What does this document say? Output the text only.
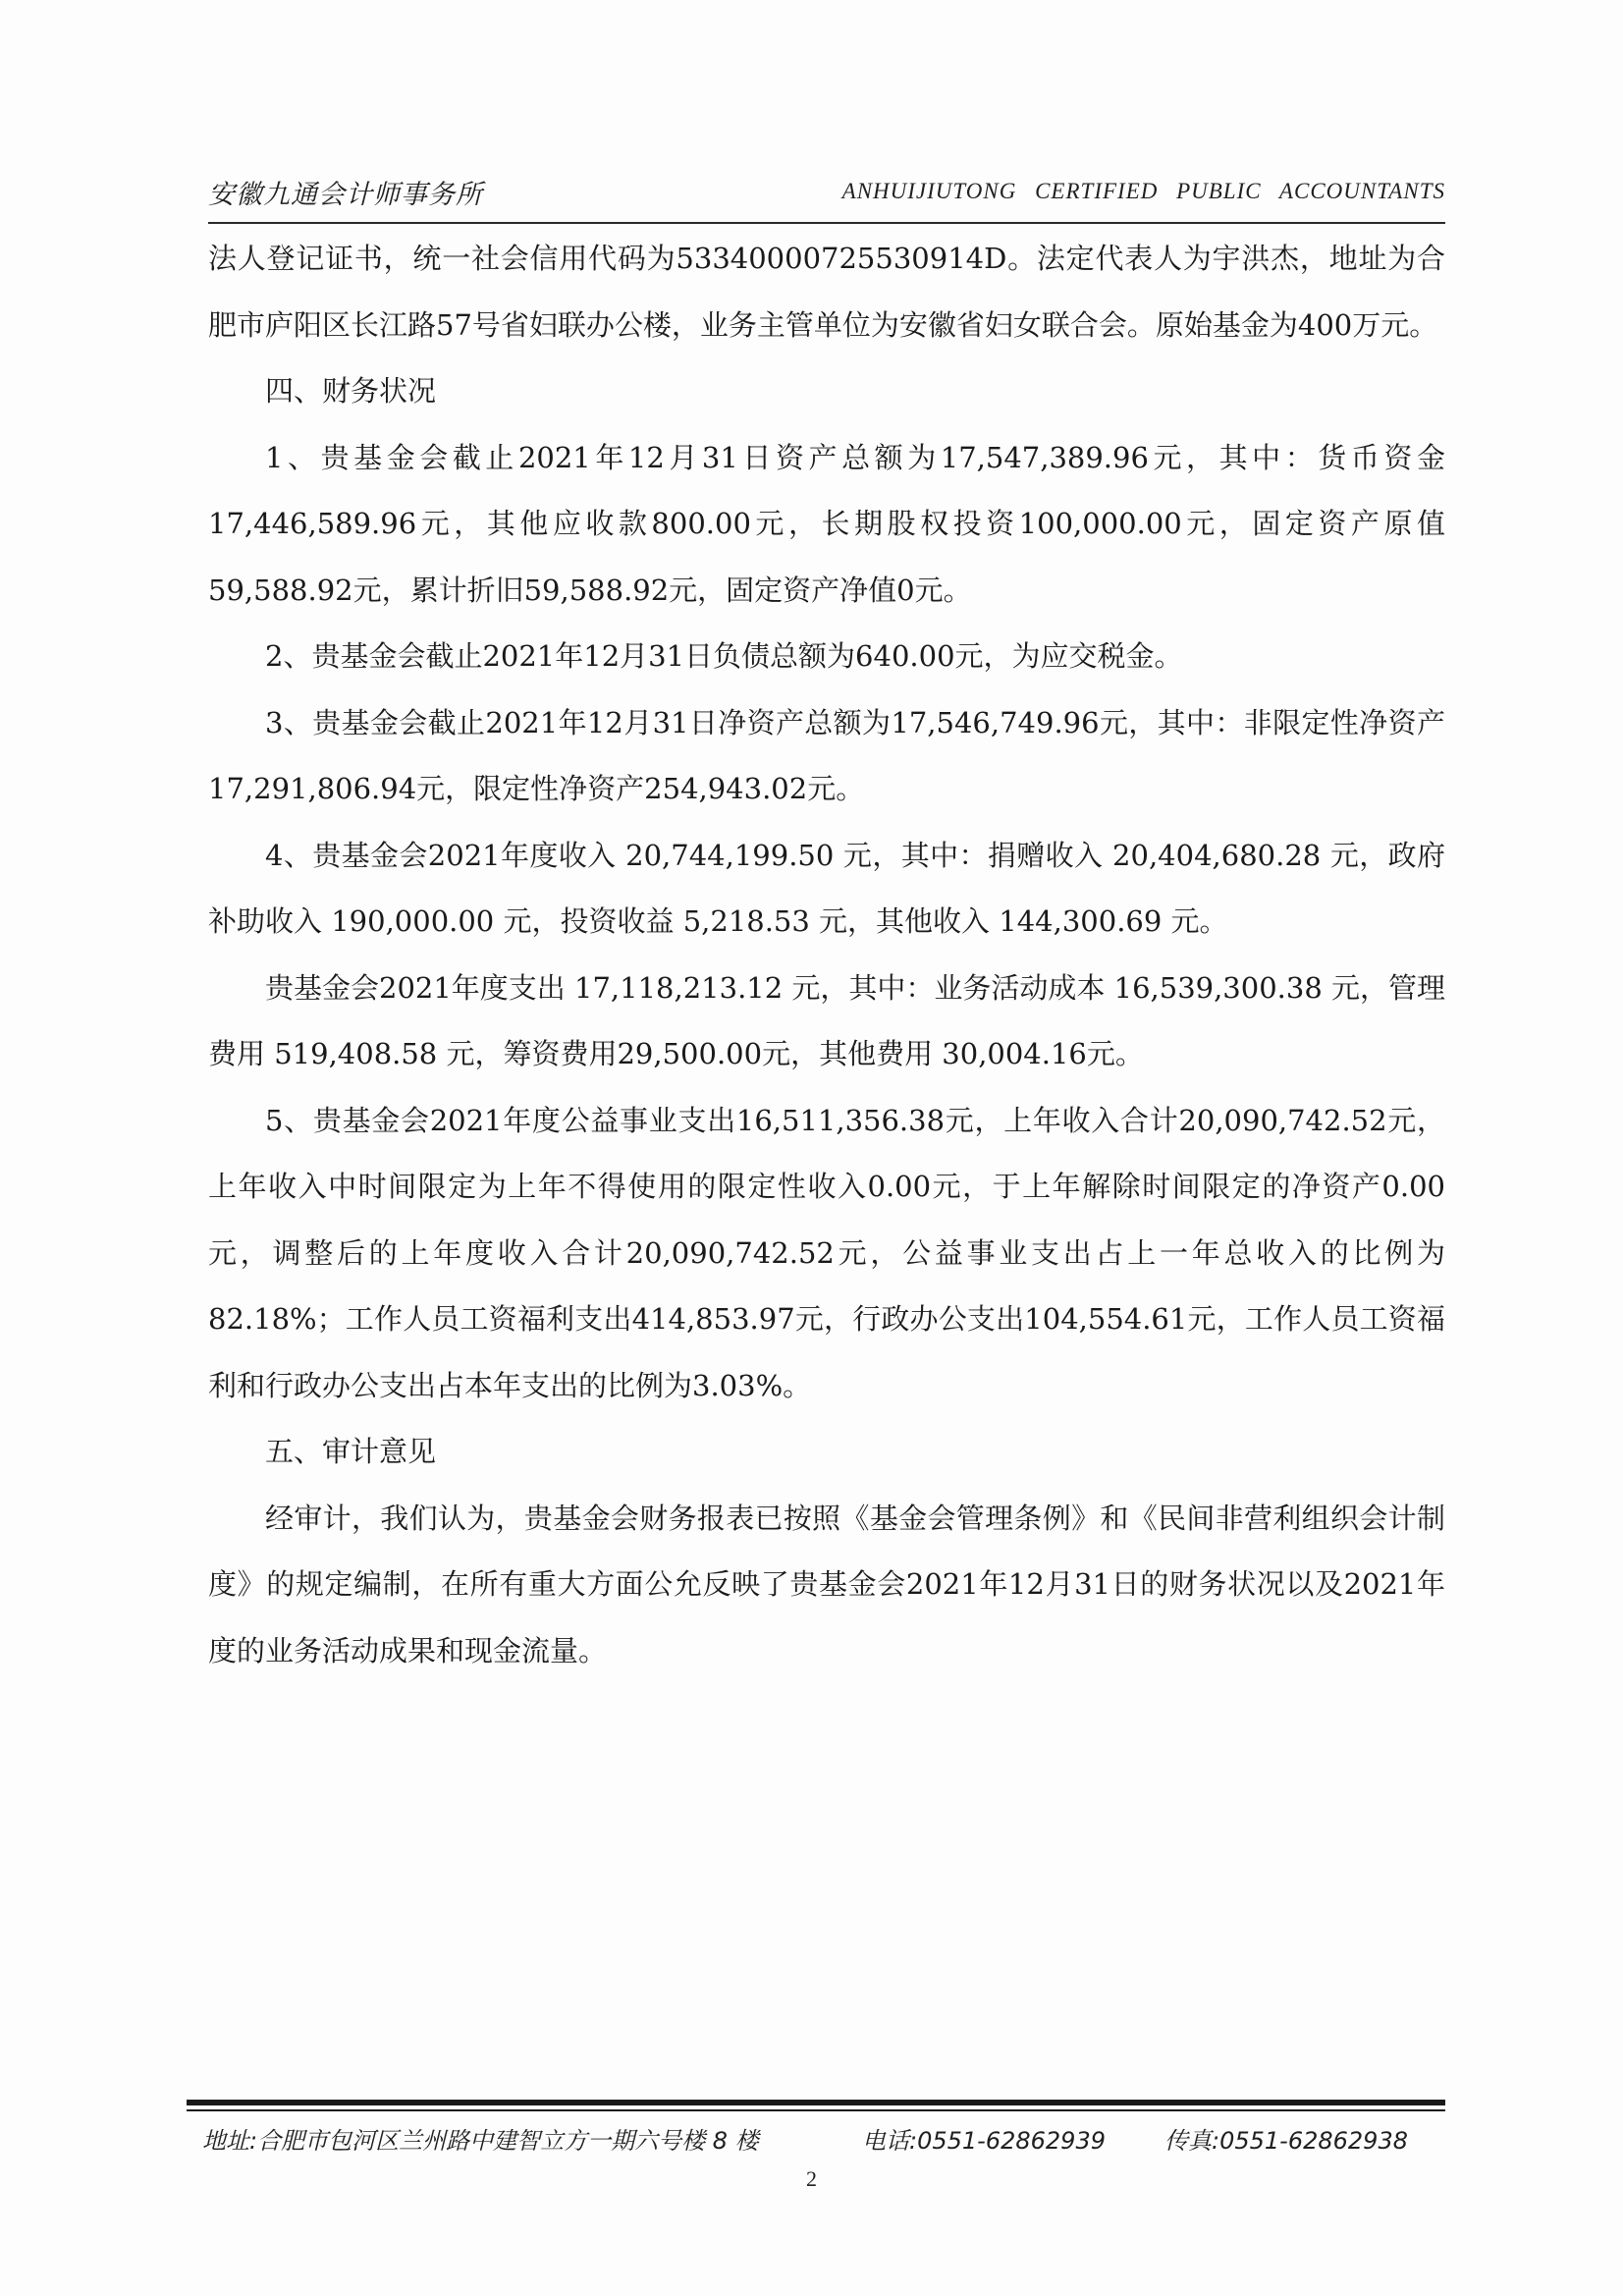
安徽九通会计师事务所	ANHUIJIUTONG CERTIFIED PUBLIC ACCOUNTANTS

法人登记证书，统一社会信用代码为53340000725530914D。法定代表人为宇洪杰，地址为合肥市庐阳区长江路57号省妇联办公楼，业务主管单位为安徽省妇女联合会。原始基金为400万元。

四、财务状况

1、贵基金会截止2021年12月31日资产总额为17,547,389.96元，其中：货币资金17,446,589.96元，其他应收款800.00元，长期股权投资100,000.00元，固定资产原值59,588.92元，累计折旧59,588.92元，固定资产净值0元。

2、贵基金会截止2021年12月31日负债总额为640.00元，为应交税金。

3、贵基金会截止2021年12月31日净资产总额为17,546,749.96元，其中：非限定性净资产17,291,806.94元，限定性净资产254,943.02元。

4、贵基金会2021年度收入 20,744,199.50 元，其中：捐赠收入 20,404,680.28 元，政府补助收入 190,000.00 元，投资收益 5,218.53 元，其他收入 144,300.69 元。

贵基金会2021年度支出 17,118,213.12 元，其中：业务活动成本 16,539,300.38 元，管理费用 519,408.58 元，筹资费用29,500.00元，其他费用 30,004.16元。

5、贵基金会2021年度公益事业支出16,511,356.38元，上年收入合计20,090,742.52元，上年收入中时间限定为上年不得使用的限定性收入0.00元，于上年解除时间限定的净资产0.00元，调整后的上年度收入合计20,090,742.52元，公益事业支出占上一年总收入的比例为82.18%；工作人员工资福利支出414,853.97元，行政办公支出104,554.61元，工作人员工资福利和行政办公支出占本年支出的比例为3.03%。

五、审计意见

经审计，我们认为，贵基金会财务报表已按照《基金会管理条例》和《民间非营利组织会计制度》的规定编制，在所有重大方面公允反映了贵基金会2021年12月31日的财务状况以及2021年度的业务活动成果和现金流量。

地址:合肥市包河区兰州路中建智立方一期六号楼 8 楼	电话:0551-62862939	传真:0551-62862938
2
